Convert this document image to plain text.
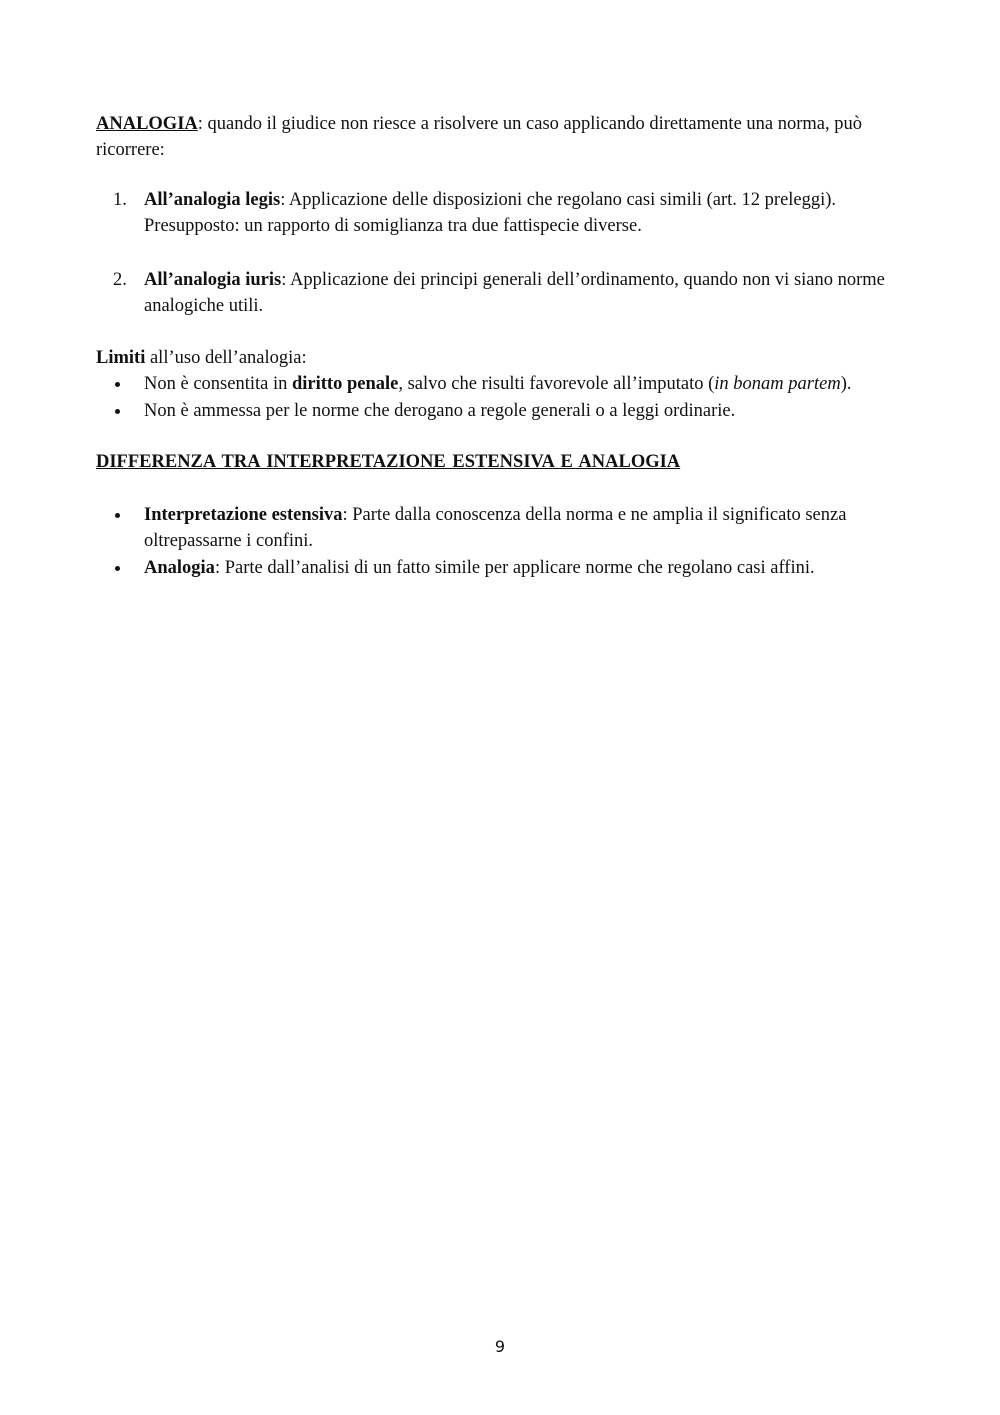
ANALOGIA: quando il giudice non riesce a risolvere un caso applicando direttamente una norma, può ricorrere:

1. All’analogia legis: Applicazione delle disposizioni che regolano casi simili (art. 12 preleggi). Presupposto: un rapporto di somiglianza tra due fattispecie diverse.
2. All’analogia iuris: Applicazione dei principi generali dell’ordinamento, quando non vi siano norme analogiche utili.

Limiti all’uso dell’analogia:

Non è consentita in diritto penale, salvo che risulti favorevole all’imputato (in bonam partem).
Non è ammessa per le norme che derogano a regole generali o a leggi ordinarie.

DIFFERENZA TRA INTERPRETAZIONE ESTENSIVA E ANALOGIA

Interpretazione estensiva: Parte dalla conoscenza della norma e ne amplia il significato senza oltrepassarne i confini.
Analogia: Parte dall’analisi di un fatto simile per applicare norme che regolano casi affini.
9
